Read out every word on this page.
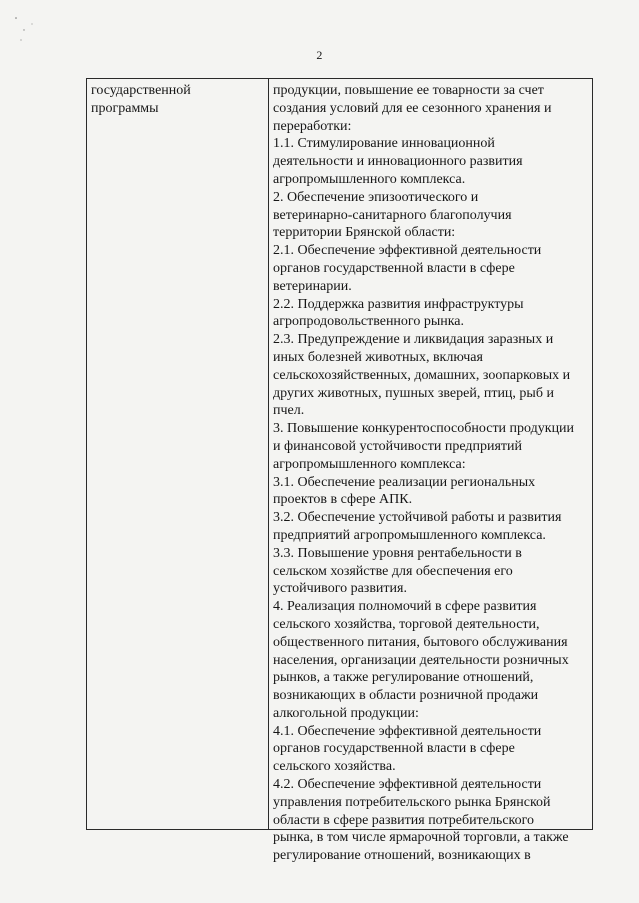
2
государственной
программы
продукции, повышение ее товарности за счет
создания условий для ее сезонного хранения и
переработки:
1.1. Стимулирование инновационной
деятельности и инновационного развития
агропромышленного комплекса.
2. Обеспечение эпизоотического и
ветеринарно-санитарного благополучия
территории Брянской области:
2.1. Обеспечение эффективной деятельности
органов государственной власти в сфере
ветеринарии.
2.2. Поддержка развития инфраструктуры
агропродовольственного рынка.
2.3. Предупреждение и ликвидация заразных и
иных болезней животных, включая
сельскохозяйственных, домашних, зоопарковых и
других животных, пушных зверей, птиц, рыб и
пчел.
3. Повышение конкурентоспособности продукции
и финансовой устойчивости предприятий
агропромышленного комплекса:
3.1. Обеспечение реализации региональных
проектов в сфере АПК.
3.2. Обеспечение устойчивой работы и развития
предприятий агропромышленного комплекса.
3.3. Повышение уровня рентабельности в
сельском хозяйстве для обеспечения его
устойчивого развития.
4. Реализация полномочий в сфере развития
сельского хозяйства, торговой деятельности,
общественного питания, бытового обслуживания
населения, организации деятельности розничных
рынков, а также регулирование отношений,
возникающих в области розничной продажи
алкогольной продукции:
4.1. Обеспечение эффективной деятельности
органов государственной власти в сфере
сельского хозяйства.
4.2. Обеспечение эффективной деятельности
управления потребительского рынка Брянской
области в сфере развития потребительского
рынка, в том числе ярмарочной торговли, а также
регулирование отношений, возникающих в
